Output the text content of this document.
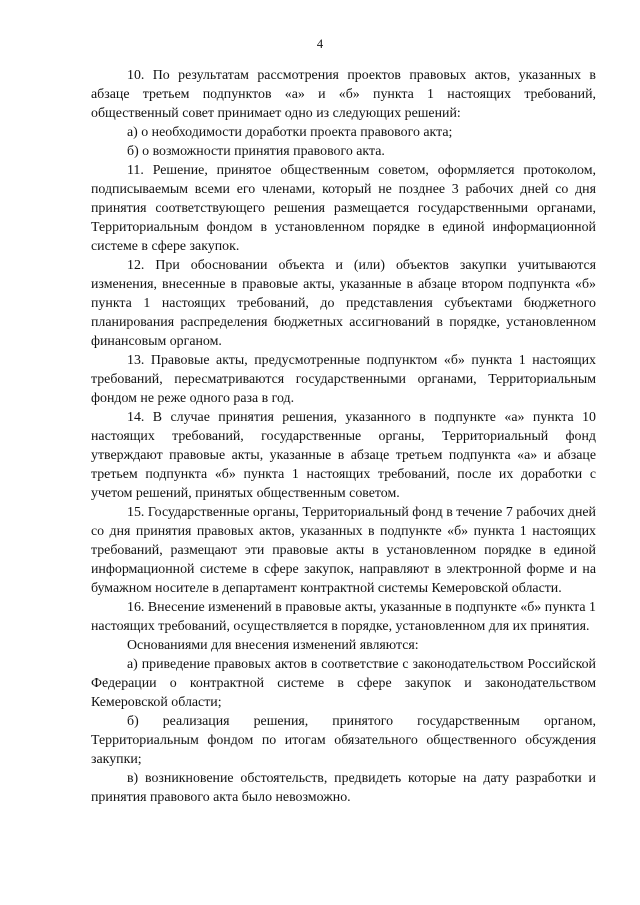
4

10. По результатам рассмотрения проектов правовых актов, указанных в абзаце третьем подпунктов «а» и «б» пункта 1 настоящих требований, общественный совет принимает одно из следующих решений:

а) о необходимости доработки проекта правового акта;

б) о возможности принятия правового акта.

11. Решение, принятое общественным советом, оформляется протоколом, подписываемым всеми его членами, который не позднее 3 рабочих дней со дня принятия соответствующего решения размещается государственными органами, Территориальным фондом в установленном порядке в единой информационной системе в сфере закупок.

12. При обосновании объекта и (или) объектов закупки учитываются изменения, внесенные в правовые акты, указанные в абзаце втором подпункта «б» пункта 1 настоящих требований, до представления субъектами бюджетного планирования распределения бюджетных ассигнований в порядке, установленном финансовым органом.

13. Правовые акты, предусмотренные подпунктом «б» пункта 1 настоящих требований, пересматриваются государственными органами, Территориальным фондом не реже одного раза в год.

14. В случае принятия решения, указанного в подпункте «а» пункта 10 настоящих требований, государственные органы, Территориальный фонд утверждают правовые акты, указанные в абзаце третьем подпункта «а» и абзаце третьем подпункта «б» пункта 1 настоящих требований, после их доработки с учетом решений, принятых общественным советом.

15. Государственные органы, Территориальный фонд в течение 7 рабочих дней со дня принятия правовых актов, указанных в подпункте «б» пункта 1 настоящих требований, размещают эти правовые акты в установленном порядке в единой информационной системе в сфере закупок, направляют в электронной форме и на бумажном носителе в департамент контрактной системы Кемеровской области.

16. Внесение изменений в правовые акты, указанные в подпункте «б» пункта 1 настоящих требований, осуществляется в порядке, установленном для их принятия.

Основаниями для внесения изменений являются:

а) приведение правовых актов в соответствие с законодательством Российской Федерации о контрактной системе в сфере закупок и законодательством Кемеровской области;

б) реализация решения, принятого государственным органом, Территориальным фондом по итогам обязательного общественного обсуждения закупки;

в) возникновение обстоятельств, предвидеть которые на дату разработки и принятия правового акта было невозможно.
